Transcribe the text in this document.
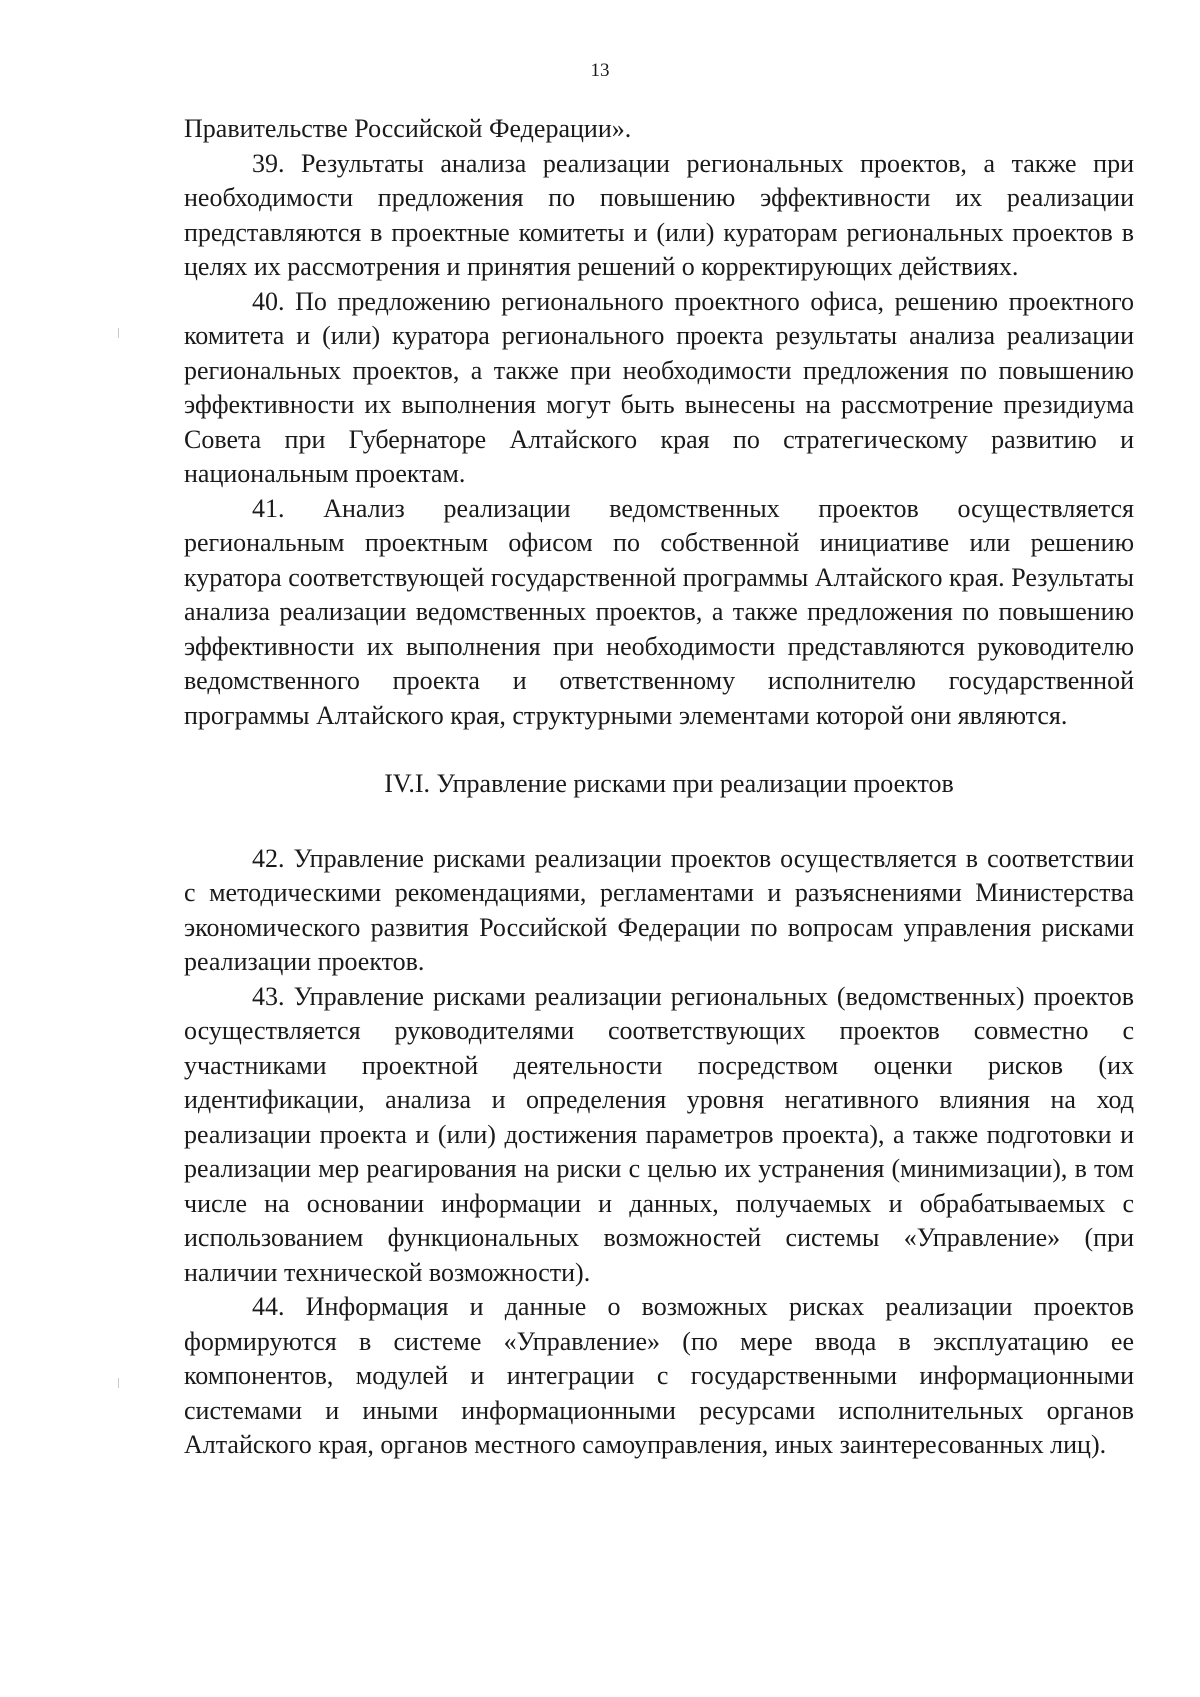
13

Правительстве Российской Федерации».

39. Результаты анализа реализации региональных проектов, а также при необходимости предложения по повышению эффективности их реализации представляются в проектные комитеты и (или) кураторам региональных проектов в целях их рассмотрения и принятия решений о корректирующих действиях.

40. По предложению регионального проектного офиса, решению проектного комитета и (или) куратора регионального проекта результаты анализа реализации региональных проектов, а также при необходимости предложения по повышению эффективности их выполнения могут быть вынесены на рассмотрение президиума Совета при Губернаторе Алтайского края по стратегическому развитию и национальным проектам.

41. Анализ реализации ведомственных проектов осуществляется региональным проектным офисом по собственной инициативе или решению куратора соответствующей государственной программы Алтайского края. Результаты анализа реализации ведомственных проектов, а также предложения по повышению эффективности их выполнения при необходимости представляются руководителю ведомственного проекта и ответственному исполнителю государственной программы Алтайского края, структурными элементами которой они являются.

IV.I. Управление рисками при реализации проектов

42. Управление рисками реализации проектов осуществляется в соответствии с методическими рекомендациями, регламентами и разъяснениями Министерства экономического развития Российской Федерации по вопросам управления рисками реализации проектов.

43. Управление рисками реализации региональных (ведомственных) проектов осуществляется руководителями соответствующих проектов совместно с участниками проектной деятельности посредством оценки рисков (их идентификации, анализа и определения уровня негативного влияния на ход реализации проекта и (или) достижения параметров проекта), а также подготовки и реализации мер реагирования на риски с целью их устранения (минимизации), в том числе на основании информации и данных, получаемых и обрабатываемых с использованием функциональных возможностей системы «Управление» (при наличии технической возможности).

44. Информация и данные о возможных рисках реализации проектов формируются в системе «Управление» (по мере ввода в эксплуатацию ее компонентов, модулей и интеграции с государственными информационными системами и иными информационными ресурсами исполнительных органов Алтайского края, органов местного самоуправления, иных заинтересованных лиц).
